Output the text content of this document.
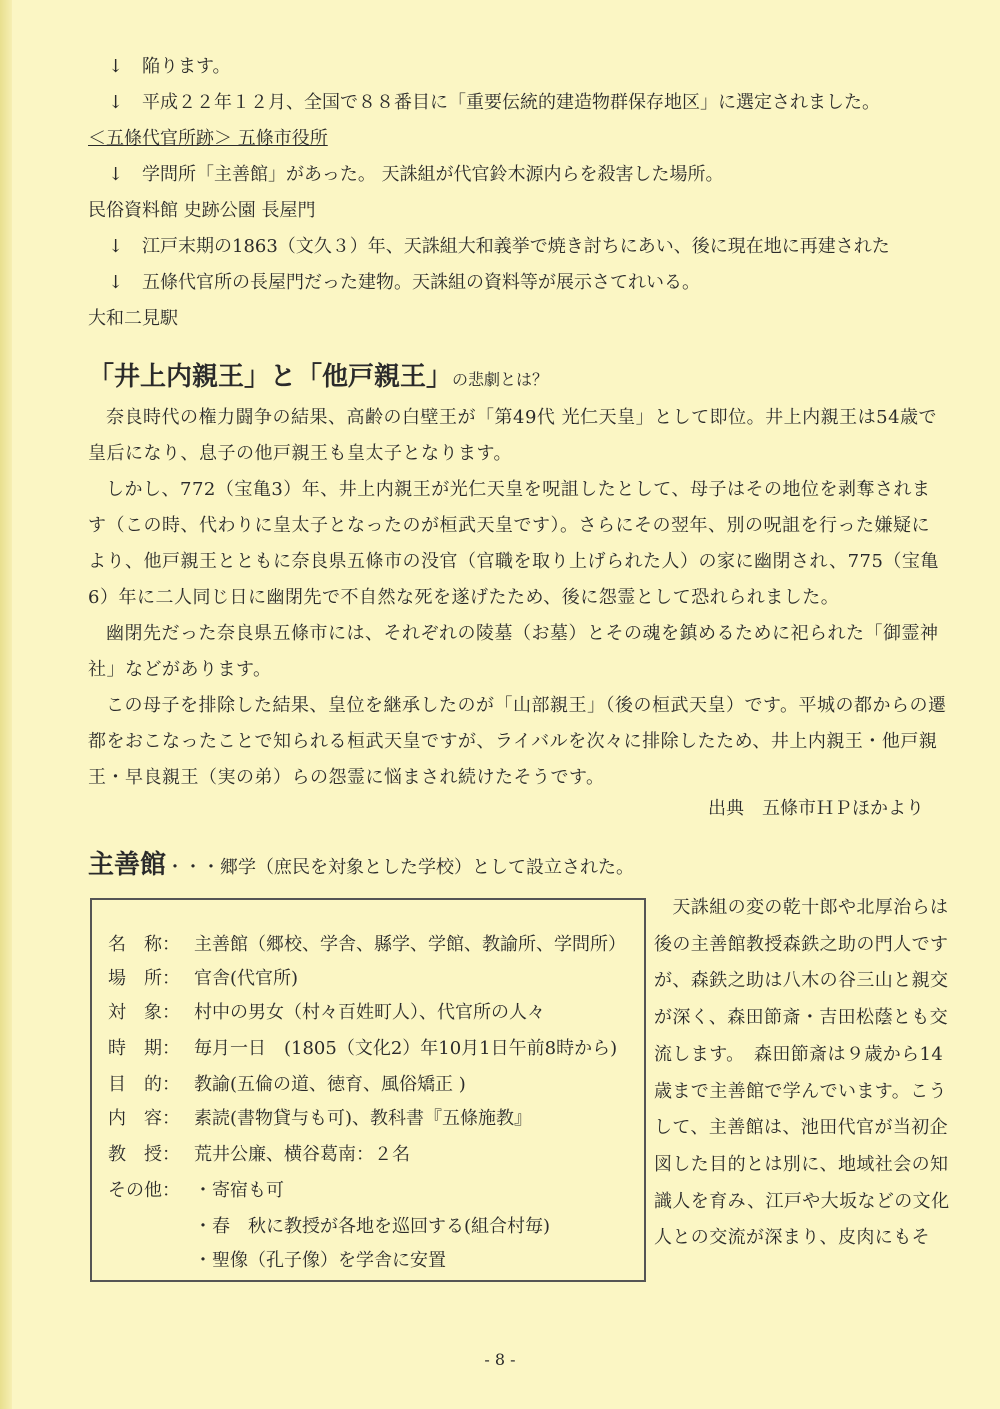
↓ 陥ります。
↓ 平成２２年１２月、全国で８８番目に「重要伝統的建造物群保存地区」に選定されました。
＜五條代官所跡＞ 五條市役所
↓ 学問所「主善館」があった。 天誅組が代官鈴木源内らを殺害した場所。
民俗資料館 史跡公園 長屋門
↓ 江戸末期の1863（文久３）年、天誅組大和義挙で焼き討ちにあい、後に現在地に再建された
↓ 五條代官所の長屋門だった建物。天誅組の資料等が展示さてれいる。
大和二見駅
「井上内親王」と「他戸親王」の悲劇とは？
奈良時代の権力闘争の結果、高齢の白壁王が「第49代 光仁天皇」として即位。井上内親王は54歳で皇后になり、息子の他戸親王も皇太子となります。
しかし、772（宝亀3）年、井上内親王が光仁天皇を呪詛したとして、母子はその地位を剥奪されます（この時、代わりに皇太子となったのが桓武天皇です）。さらにその翌年、別の呪詛を行った嫌疑により、他戸親王とともに奈良県五條市の没官（官職を取り上げられた人）の家に幽閉され、775（宝亀6）年に二人同じ日に幽閉先で不自然な死を遂げたため、後に怨霊として恐れられました。
幽閉先だった奈良県五條市には、それぞれの陵墓（お墓）とその魂を鎮めるために祀られた「御霊神社」などがあります。
この母子を排除した結果、皇位を継承したのが「山部親王」（後の桓武天皇）です。平城の都からの遷都をおこなったことで知られる桓武天皇ですが、ライバルを次々に排除したため、井上内親王・他戸親王・早良親王（実の弟）らの怨霊に悩まされ続けたそうです。
出典　五條市ＨＰほかより
主善館・・・郷学（庶民を対象とした学校）として設立された。
名　称： 主善館（郷校、学舎、縣学、学館、教諭所、学問所）
場　所： 官舎(代官所)
対　象： 村中の男女（村々百姓町人）、代官所の人々
時　期： 毎月一日　(1805（文化2）年10月1日午前8時から)
目　的： 教諭(五倫の道、徳育、風俗矯正 )
内　容： 素読(書物貸与も可)、教科書『五條施教』
教　授： 荒井公廉、横谷葛南：２名
その他： ・寄宿も可
・春　秋に教授が各地を巡回する(組合村毎)
・聖像（孔子像）を学舎に安置
　天誅組の変の乾十郎や北厚治らは後の主善館教授森鉄之助の門人ですが、森鉄之助は八木の谷三山と親交が深く、森田節斎・吉田松蔭とも交流します。　森田節斎は９歳から14歳まで主善館で学んでいます。こうして、主善館は、池田代官が当初企図した目的とは別に、地域社会の知識人を育み、江戸や大坂などの文化人との交流が深まり、皮肉にもそ
- 8 -
